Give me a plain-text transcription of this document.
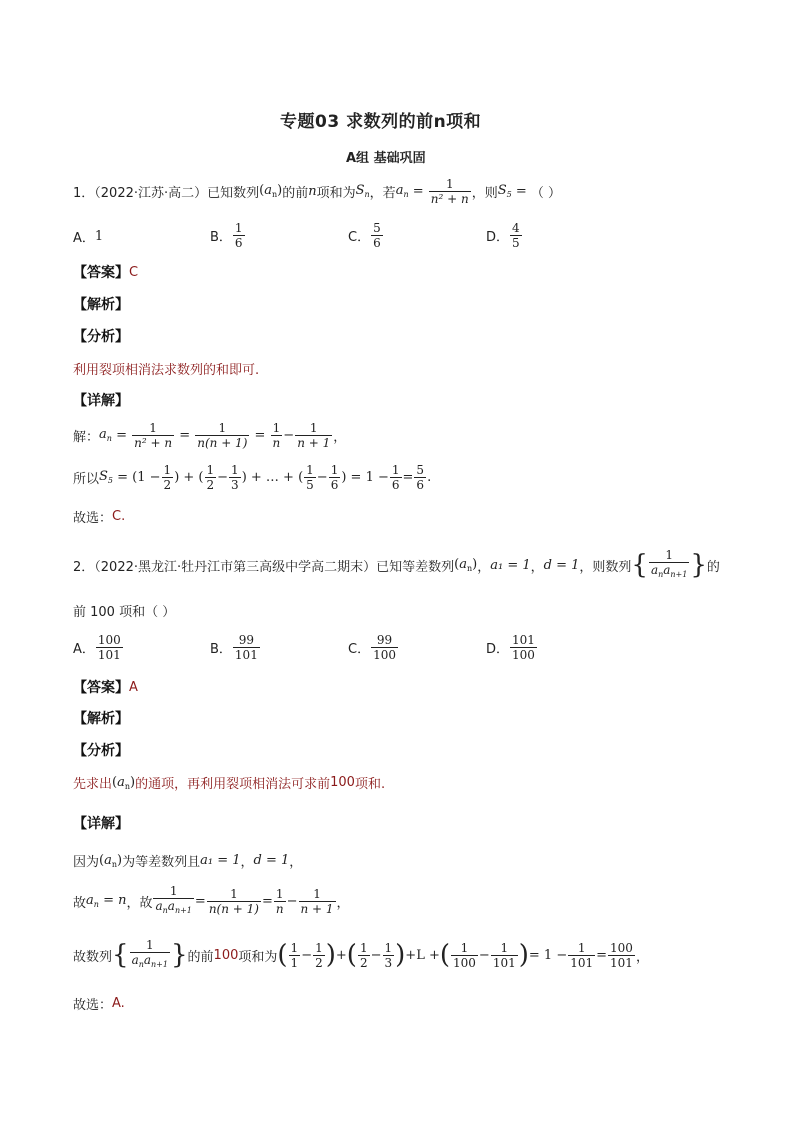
专题03 求数列的前n项和
A组 基础巩固
1．（2022·江苏·高二）已知数列 $(a_n)$ 的前 n 项和为 $S_n$ ，若 $a_n = \frac{1}{\text{n² + n}}$ ，则 $S_5$ = （ ）
A． 1	B． $\frac{1}{6}$	C． $\frac{5}{6}$	D． $\frac{4}{5}$
【答案】 C
【解析】
【分析】
利用裂项相消法求数列的和即可.
【详解】
解： $a_n = \frac{1}{\text{n² + n}} = \frac{1}{n(n + 1)} = \frac{1}{n} - \frac{1}{n + 1}$ ，
所以 $S_5 = (1 - \frac{1}{2}$ ) + ( $\frac{1}{2} - \frac{1}{3}$ ) + … + ( $\frac{1}{5} - \frac{1}{6}$ ) = $1 - \frac{1}{6} = \frac{5}{6}$ .
故选： C.
2．（2022·黑龙江·牡丹江市第三高级中学高二期末）已知等差数列 $(a_n)$ ， a₁ = 1 ， d = 1 ，则数列 { $\frac{1}{a_na_{n+1}}$ } 的
前 100 项和（ ）
A． $\frac{100}{101}$	B． $\frac{99}{101}$	C． $\frac{99}{100}$	D． $\frac{101}{100}$
【答案】 A
【解析】
【分析】
先求出 $(a_n)$ 的通项，再利用裂项相消法可求前 100 项和.
【详解】
因为 $(a_n)$ 为等差数列且 a₁ = 1 ， d = 1 ，
故 $a_n = n$ ，故 $\frac{1}{a_na_{n+1}} = \frac{1}{n(n + 1)} = \frac{1}{n} - \frac{1}{n + 1}$ ，
故数列 { $\frac{1}{a_na_{n+1}}$ } 的前 100 项和为 ( $\frac{1}{1} - \frac{1}{2}$ ) + ( $\frac{1}{2} - \frac{1}{3}$ ) +L + ( $\frac{1}{100} - \frac{1}{101}$ ) = $1 - \frac{1}{101} = \frac{100}{101}$ ，
故选： A.
